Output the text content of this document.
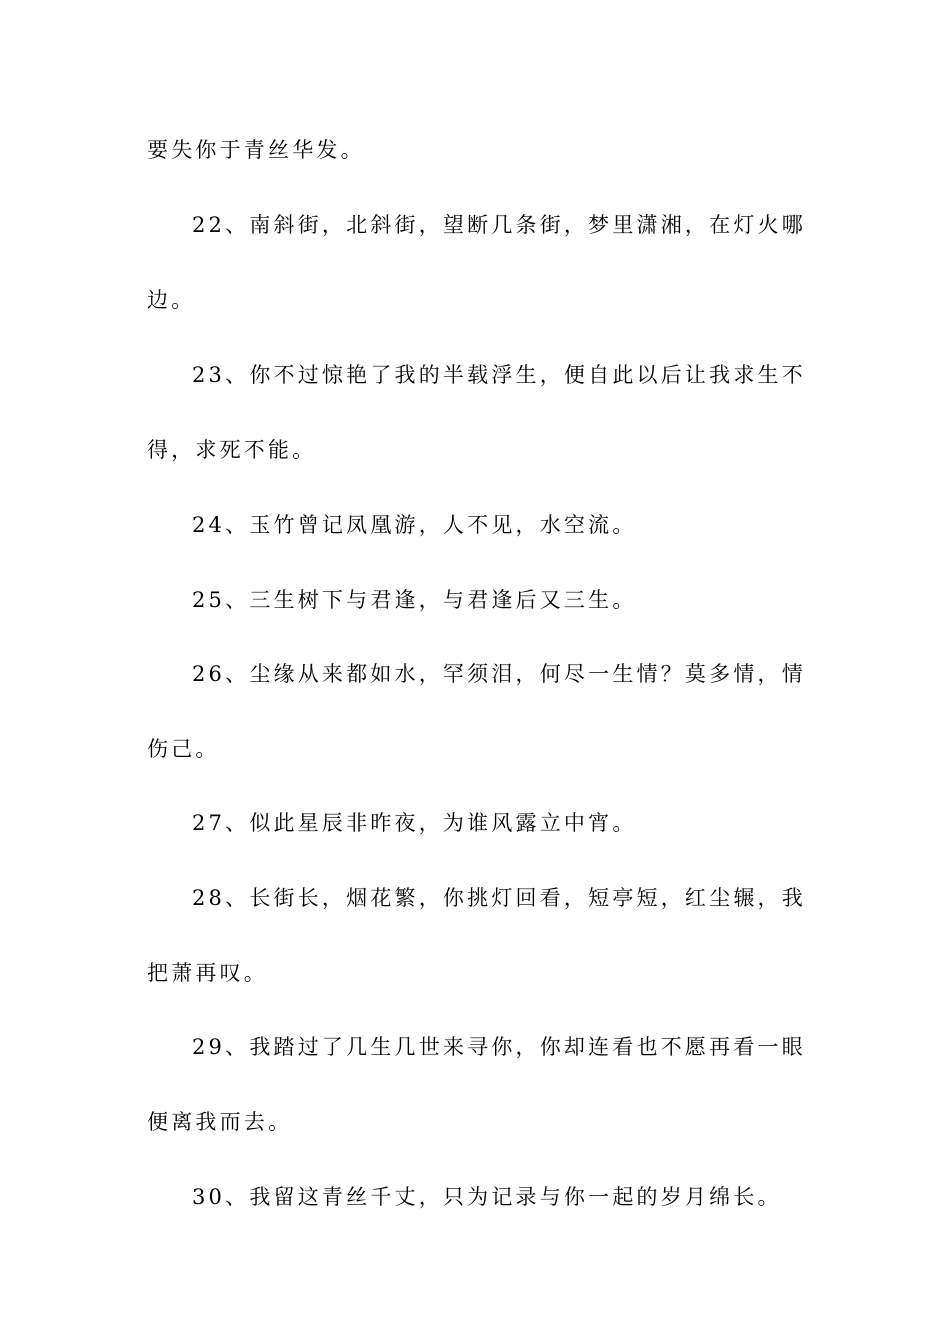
要失你于青丝华发。
22、南斜街，北斜街，望断几条街，梦里潇湘，在灯火哪
边。
23、你不过惊艳了我的半载浮生，便自此以后让我求生不
得，求死不能。
24、玉竹曾记凤凰游，人不见，水空流。
25、三生树下与君逢，与君逢后又三生。
26、尘缘从来都如水，罕须泪，何尽一生情？莫多情，情
伤己。
27、似此星辰非昨夜，为谁风露立中宵。
28、长街长，烟花繁，你挑灯回看，短亭短，红尘辗，我
把萧再叹。
29、我踏过了几生几世来寻你，你却连看也不愿再看一眼
便离我而去。
30、我留这青丝千丈，只为记录与你一起的岁月绵长。
